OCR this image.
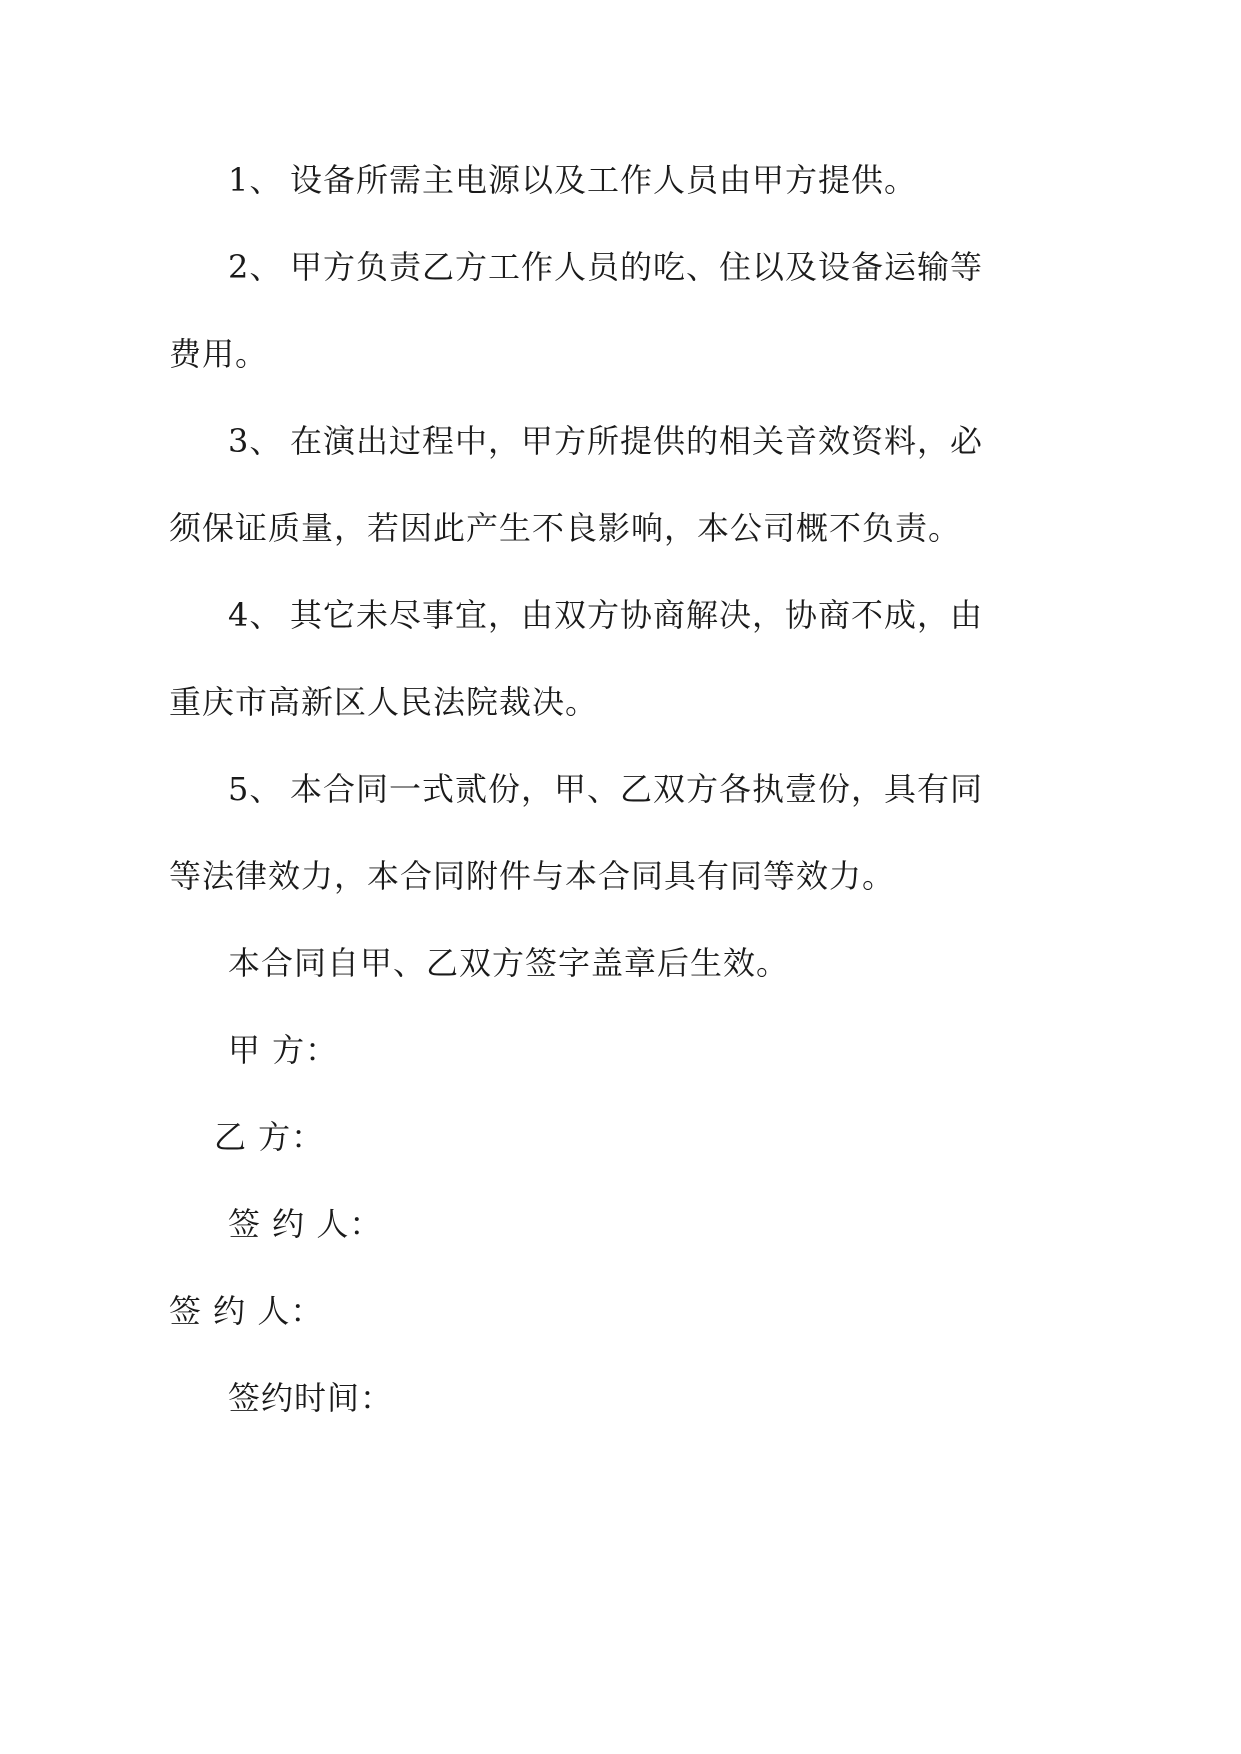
1、 设备所需主电源以及工作人员由甲方提供。
2、 甲方负责乙方工作人员的吃、住以及设备运输等
费用。
3、 在演出过程中，甲方所提供的相关音效资料，必
须保证质量，若因此产生不良影响，本公司概不负责。
4、 其它未尽事宜，由双方协商解决，协商不成，由
重庆市高新区人民法院裁决。
5、 本合同一式贰份，甲、乙双方各执壹份，具有同
等法律效力，本合同附件与本合同具有同等效力。
本合同自甲、乙双方签字盖章后生效。
甲 方：
乙 方：
签 约 人：
签 约 人：
签约时间：
